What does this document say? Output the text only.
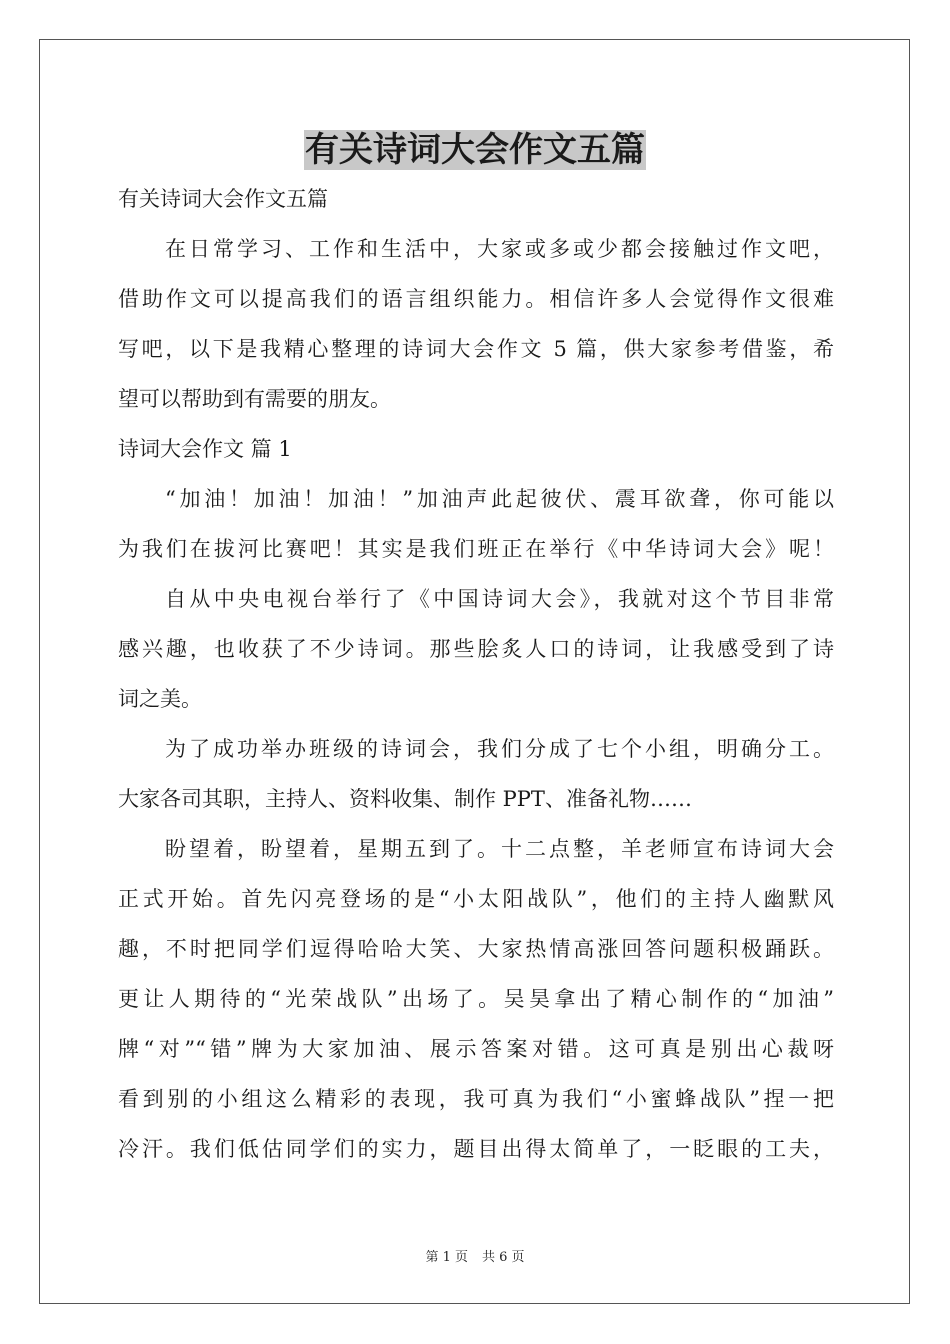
有关诗词大会作文五篇
有关诗词大会作文五篇
在日常学习、工作和生活中，大家或多或少都会接触过作文吧，
借助作文可以提高我们的语言组织能力。相信许多人会觉得作文很难
写吧，以下是我精心整理的诗词大会作文 5 篇，供大家参考借鉴，希
望可以帮助到有需要的朋友。
诗词大会作文 篇 1
“加油！加油！加油！”加油声此起彼伏、震耳欲聋，你可能以
为我们在拔河比赛吧！其实是我们班正在举行《中华诗词大会》呢！
自从中央电视台举行了《中国诗词大会》，我就对这个节目非常
感兴趣，也收获了不少诗词。那些脍炙人口的诗词，让我感受到了诗
词之美。
为了成功举办班级的诗词会，我们分成了七个小组，明确分工。
大家各司其职，主持人、资料收集、制作 PPT、准备礼物……
盼望着，盼望着，星期五到了。十二点整，羊老师宣布诗词大会
正式开始。首先闪亮登场的是“小太阳战队”，他们的主持人幽默风
趣，不时把同学们逗得哈哈大笑、大家热情高涨回答问题积极踊跃。
更让人期待的“光荣战队”出场了。吴昊拿出了精心制作的“加油”
牌“对”“错”牌为大家加油、展示答案对错。这可真是别出心裁呀
看到别的小组这么精彩的表现，我可真为我们“小蜜蜂战队”捏一把
冷汗。我们低估同学们的实力，题目出得太简单了，一眨眼的工夫，
第 1 页 共 6 页
